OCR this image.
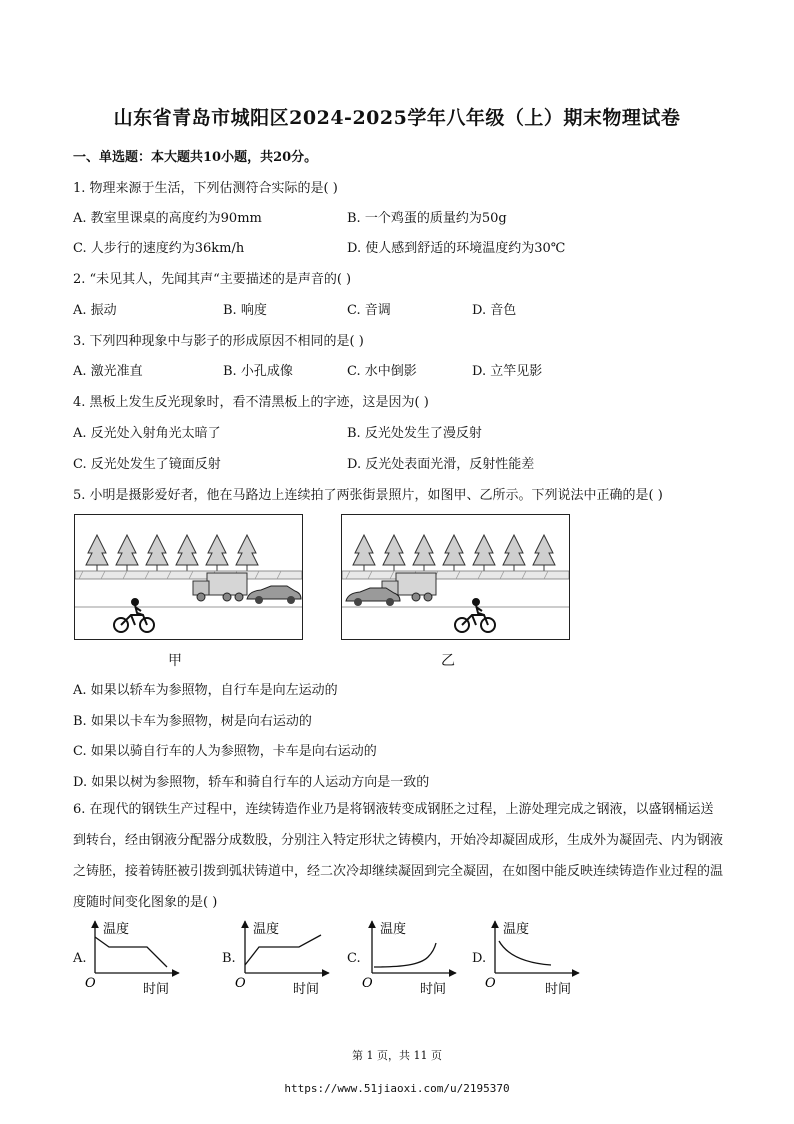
山东省青岛市城阳区2024-2025学年八年级（上）期末物理试卷
一、单选题：本大题共10小题，共20分。
1. 物理来源于生活，下列估测符合实际的是( )
A. 教室里课桌的高度约为90mm	B. 一个鸡蛋的质量约为50g
C. 人步行的速度约为36km/h	D. 使人感到舒适的环境温度约为30℃
2. “未见其人，先闻其声“主要描述的是声音的( )
A. 振动	B. 响度	C. 音调	D. 音色
3. 下列四种现象中与影子的形成原因不相同的是( )
A. 激光准直	B. 小孔成像	C. 水中倒影	D. 立竿见影
4. 黑板上发生反光现象时，看不清黑板上的字迹，这是因为( )
A. 反光处入射角光太暗了	B. 反光处发生了漫反射
C. 反光处发生了镜面反射	D. 反光处表面光滑，反射性能差
5. 小明是摄影爱好者，他在马路边上连续拍了两张街景照片，如图甲、乙所示。下列说法中正确的是( )
甲	乙
A. 如果以轿车为参照物，自行车是向左运动的
B. 如果以卡车为参照物，树是向右运动的
C. 如果以骑自行车的人为参照物，卡车是向右运动的
D. 如果以树为参照物，轿车和骑自行车的人运动方向是一致的
6. 在现代的钢铁生产过程中，连续铸造作业乃是将钢液转变成钢胚之过程，上游处理完成之钢液，以盛钢桶运送到转台，经由钢液分配器分成数股，分别注入特定形状之铸模内，开始冷却凝固成形，生成外为凝固壳、内为钢液之铸胚，接着铸胚被引拨到弧状铸道中，经二次冷却继续凝固到完全凝固，在如图中能反映连续铸造作业过程的温度随时间变化图象的是( )
A.	B.	C.	D.
温度
O	时间
温度
O	时间
温度
O	时间
温度
O	时间
第 1 页，共 11 页
https://www.51jiaoxi.com/u/2195370
